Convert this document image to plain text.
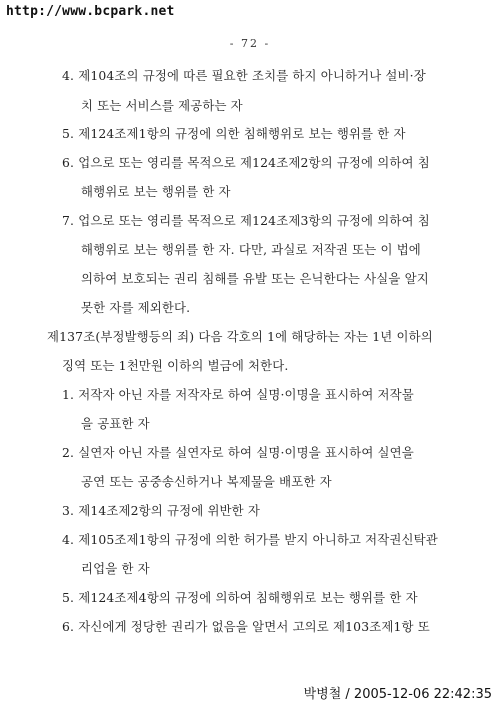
http://www.bcpark.net
- 72 -
4. 제104조의 규정에 따른 필요한 조치를 하지 아니하거나 설비·장
치 또는 서비스를 제공하는 자
5. 제124조제1항의 규정에 의한 침해행위로 보는 행위를 한 자
6. 업으로 또는 영리를 목적으로 제124조제2항의 규정에 의하여 침
해행위로 보는 행위를 한 자
7. 업으로 또는 영리를 목적으로 제124조제3항의 규정에 의하여 침
해행위로 보는 행위를 한 자. 다만, 과실로 저작권 또는 이 법에
의하여 보호되는 권리 침해를 유발 또는 은닉한다는 사실을 알지
못한 자를 제외한다.
제137조(부정발행등의 죄) 다음 각호의 1에 해당하는 자는 1년 이하의
징역 또는 1천만원 이하의 벌금에 처한다.
1. 저작자 아닌 자를 저작자로 하여 실명·이명을 표시하여 저작물
을 공표한 자
2. 실연자 아닌 자를 실연자로 하여 실명·이명을 표시하여 실연을
공연 또는 공중송신하거나 복제물을 배포한 자
3. 제14조제2항의 규정에 위반한 자
4. 제105조제1항의 규정에 의한 허가를 받지 아니하고 저작권신탁관
리업을 한 자
5. 제124조제4항의 규정에 의하여 침해행위로 보는 행위를 한 자
6. 자신에게 정당한 권리가 없음을 알면서 고의로 제103조제1항 또
박병철 / 2005-12-06 22:42:35
